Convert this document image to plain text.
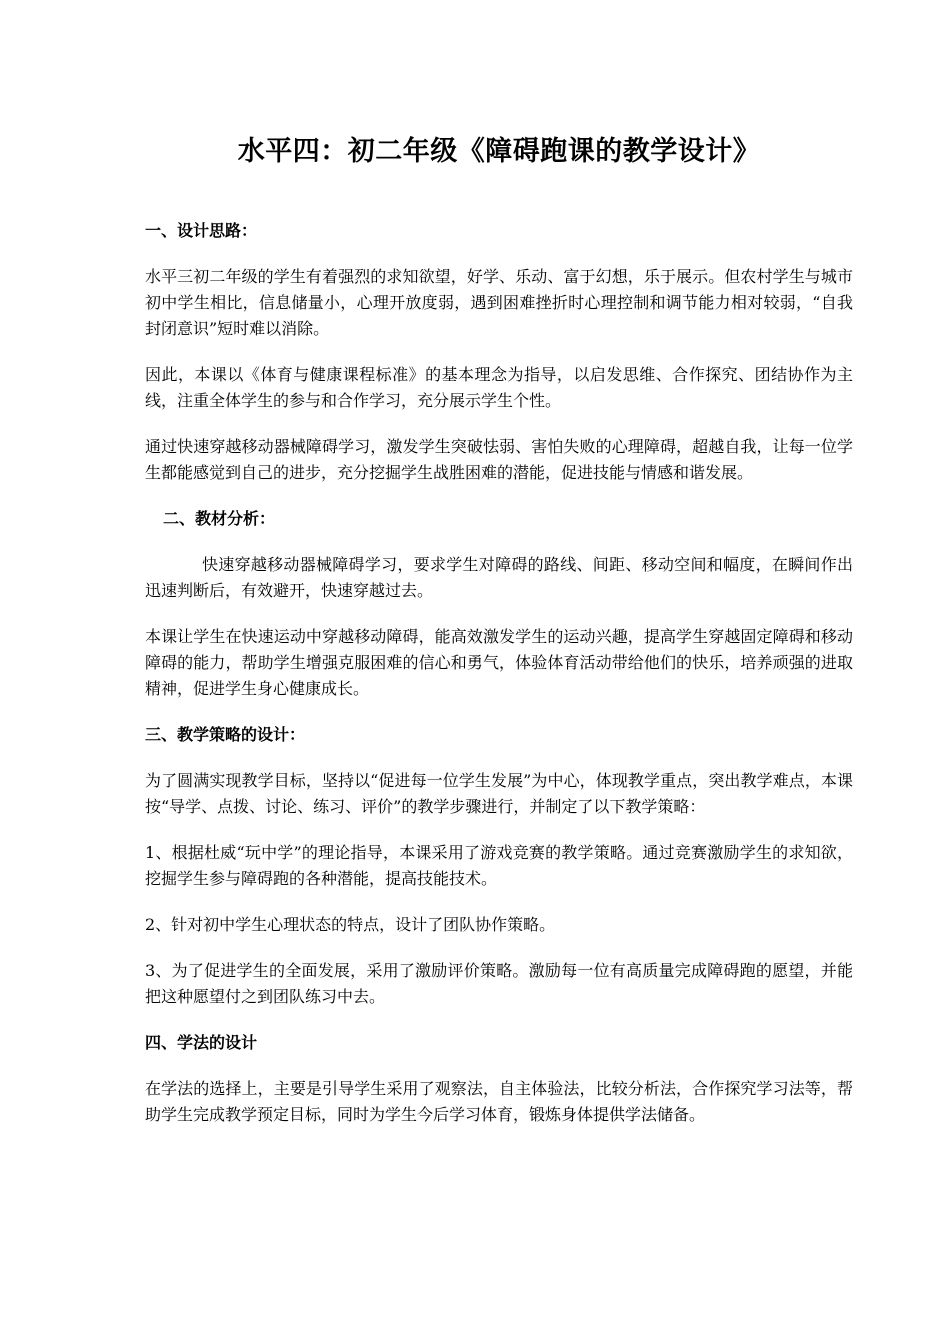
水平四：初二年级《障碍跑课的教学设计》
一、设计思路：

水平三初二年级的学生有着强烈的求知欲望，好学、乐动、富于幻想，乐于展示。但农村学生与城市初中学生相比，信息储量小，心理开放度弱，遇到困难挫折时心理控制和调节能力相对较弱，“自我封闭意识”短时难以消除。

因此，本课以《体育与健康课程标准》的基本理念为指导，以启发思维、合作探究、团结协作为主线，注重全体学生的参与和合作学习，充分展示学生个性。

通过快速穿越移动器械障碍学习，激发学生突破怯弱、害怕失败的心理障碍，超越自我，让每一位学生都能感觉到自己的进步，充分挖掘学生战胜困难的潜能，促进技能与情感和谐发展。

二、教材分析：

快速穿越移动器械障碍学习，要求学生对障碍的路线、间距、移动空间和幅度，在瞬间作出迅速判断后，有效避开，快速穿越过去。

本课让学生在快速运动中穿越移动障碍，能高效激发学生的运动兴趣，提高学生穿越固定障碍和移动障碍的能力，帮助学生增强克服困难的信心和勇气，体验体育活动带给他们的快乐，培养顽强的进取精神，促进学生身心健康成长。

三、教学策略的设计：

为了圆满实现教学目标，坚持以“促进每一位学生发展”为中心，体现教学重点，突出教学难点，本课按“导学、点拨、讨论、练习、评价”的教学步骤进行，并制定了以下教学策略：

1、根据杜威“玩中学”的理论指导，本课采用了游戏竞赛的教学策略。通过竞赛激励学生的求知欲，挖掘学生参与障碍跑的各种潜能，提高技能技术。

2、针对初中学生心理状态的特点，设计了团队协作策略。

3、为了促进学生的全面发展，采用了激励评价策略。激励每一位有高质量完成障碍跑的愿望，并能把这种愿望付之到团队练习中去。

四、学法的设计

在学法的选择上，主要是引导学生采用了观察法，自主体验法，比较分析法，合作探究学习法等，帮助学生完成教学预定目标，同时为学生今后学习体育，锻炼身体提供学法储备。
